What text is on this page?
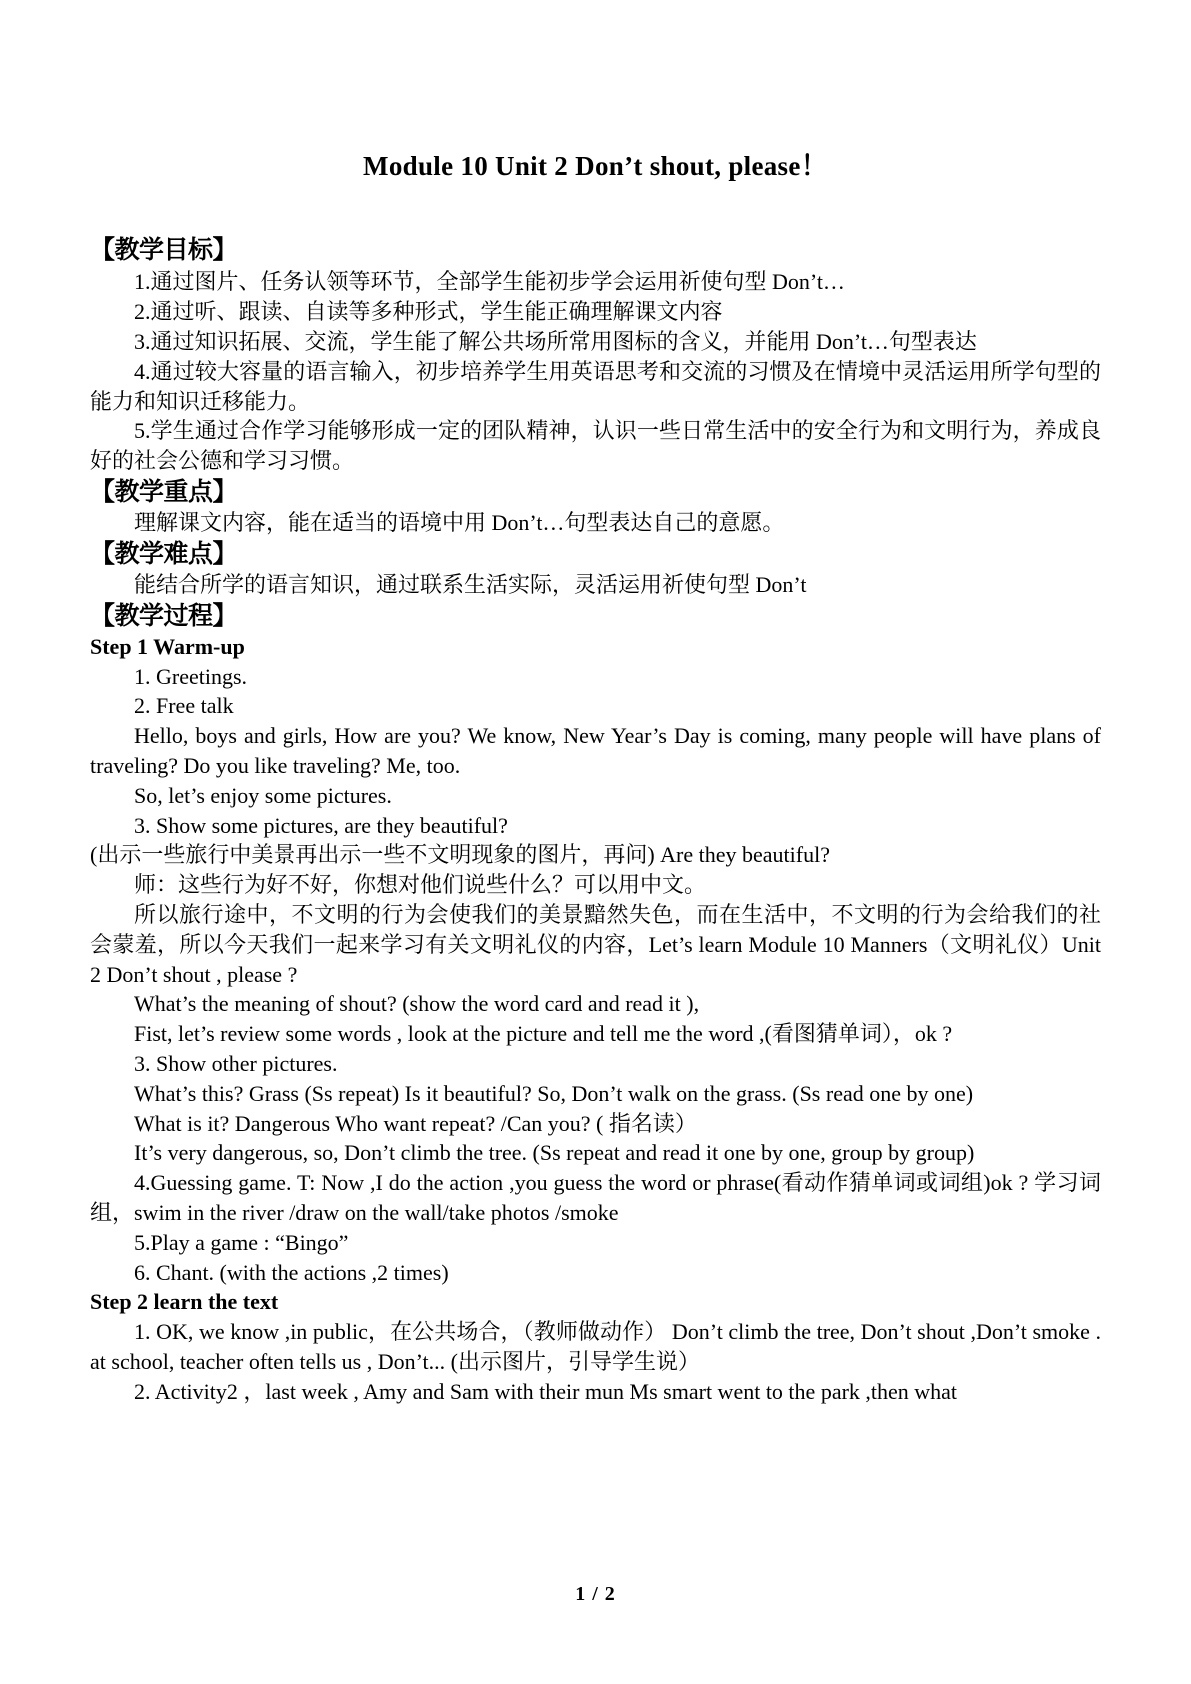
Module 10 Unit 2 Don’t shout, please！

【教学目标】

1.通过图片、任务认领等环节，全部学生能初步学会运用祈使句型 Don’t…

2.通过听、跟读、自读等多种形式，学生能正确理解课文内容

3.通过知识拓展、交流，学生能了解公共场所常用图标的含义，并能用 Don’t…句型表达

4.通过较大容量的语言输入，初步培养学生用英语思考和交流的习惯及在情境中灵活运用所学句型的能力和知识迁移能力。

5.学生通过合作学习能够形成一定的团队精神，认识一些日常生活中的安全行为和文明行为，养成良好的社会公德和学习习惯。

【教学重点】

理解课文内容，能在适当的语境中用 Don’t…句型表达自己的意愿。

【教学难点】

能结合所学的语言知识，通过联系生活实际，灵活运用祈使句型 Don’t

【教学过程】

Step 1 Warm-up

1. Greetings.

2. Free talk

Hello, boys and girls, How are you? We know, New Year’s Day is coming, many people will have plans of traveling? Do you like traveling? Me, too.

So, let’s enjoy some pictures.

3. Show some pictures, are they beautiful?

(出示一些旅行中美景再出示一些不文明现象的图片，再问) Are they beautiful?

师：这些行为好不好，你想对他们说些什么？可以用中文。

所以旅行途中，不文明的行为会使我们的美景黯然失色，而在生活中，不文明的行为会给我们的社会蒙羞，所以今天我们一起来学习有关文明礼仪的内容，Let’s learn Module 10 Manners（文明礼仪）Unit 2 Don’t shout , please ?

What’s the meaning of shout? (show the word card and read it ),

Fist, let’s review some words , look at the picture and tell me the word ,(看图猜单词），ok ?

3. Show other pictures.

What’s this? Grass (Ss repeat) Is it beautiful? So, Don’t walk on the grass. (Ss read one by one)

What is it? Dangerous Who want repeat? /Can you? ( 指名读）

It’s very dangerous, so, Don’t climb the tree. (Ss repeat and read it one by one, group by group)

4.Guessing game. T: Now ,I do the action ,you guess the word or phrase(看动作猜单词或词组)ok ? 学习词组，swim in the river /draw on the wall/take photos /smoke

5.Play a game : “Bingo”

6. Chant. (with the actions ,2 times)

Step 2 learn the text

1. OK, we know ,in public，在公共场合，（教师做动作） Don’t climb the tree, Don’t shout ,Don’t smoke . at school, teacher often tells us , Don’t... (出示图片，引导学生说）

2. Activity2 ，last week , Amy and Sam with their mun Ms smart went to the park ,then what

1 / 2
